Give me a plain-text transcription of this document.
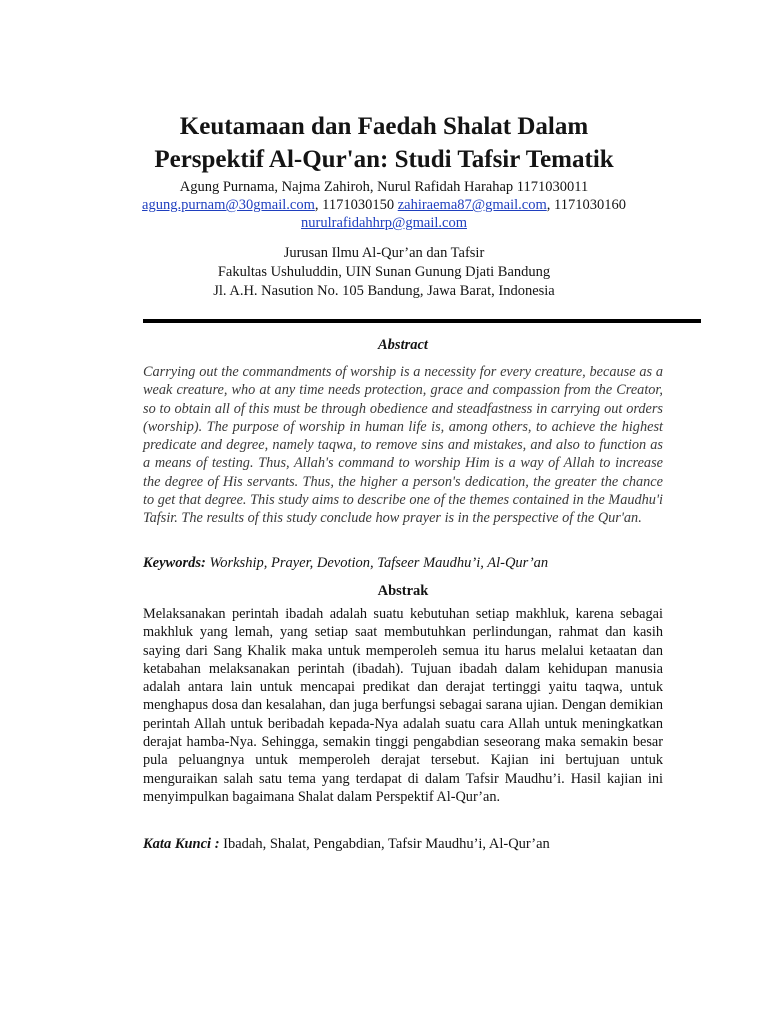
Keutamaan dan Faedah Shalat Dalam
Perspektif Al-Qur'an: Studi Tafsir Tematik
Agung Purnama, Najma Zahiroh, Nurul Rafidah Harahap 1171030011
agung.purnam@30gmail.com, 1171030150 zahiraema87@gmail.com, 1171030160
nurulrafidahhrp@gmail.com
Jurusan Ilmu Al-Qur’an dan Tafsir
Fakultas Ushuluddin, UIN Sunan Gunung Djati Bandung
Jl. A.H. Nasution No. 105 Bandung, Jawa Barat, Indonesia
Abstract

Carrying out the commandments of worship is a necessity for every creature, because as a weak creature, who at any time needs protection, grace and compassion from the Creator, so to obtain all of this must be through obedience and steadfastness in carrying out orders (worship). The purpose of worship in human life is, among others, to achieve the highest predicate and degree, namely taqwa, to remove sins and mistakes, and also to function as a means of testing. Thus, Allah's command to worship Him is a way of Allah to increase the degree of His servants. Thus, the higher a person's dedication, the greater the chance to get that degree. This study aims to describe one of the themes contained in the Maudhu'i Tafsir. The results of this study conclude how prayer is in the perspective of the Qur'an.

Keywords: Workship, Prayer, Devotion, Tafseer Maudhu’i, Al-Qur’an
Abstrak

Melaksanakan perintah ibadah adalah suatu kebutuhan setiap makhluk, karena sebagai makhluk yang lemah, yang setiap saat membutuhkan perlindungan, rahmat dan kasih saying dari Sang Khalik maka untuk memperoleh semua itu harus melalui ketaatan dan ketabahan melaksanakan perintah (ibadah). Tujuan ibadah dalam kehidupan manusia adalah antara lain untuk mencapai predikat dan derajat tertinggi yaitu taqwa, untuk menghapus dosa dan kesalahan, dan juga berfungsi sebagai sarana ujian. Dengan demikian perintah Allah untuk beribadah kepada-Nya adalah suatu cara Allah untuk meningkatkan derajat hamba-Nya. Sehingga, semakin tinggi pengabdian seseorang maka semakin besar pula peluangnya untuk memperoleh derajat tersebut. Kajian ini bertujuan untuk menguraikan salah satu tema yang terdapat di dalam Tafsir Maudhu’i. Hasil kajian ini menyimpulkan bagaimana Shalat dalam Perspektif Al-Qur’an.

Kata Kunci : Ibadah, Shalat, Pengabdian, Tafsir Maudhu’i, Al-Qur’an
